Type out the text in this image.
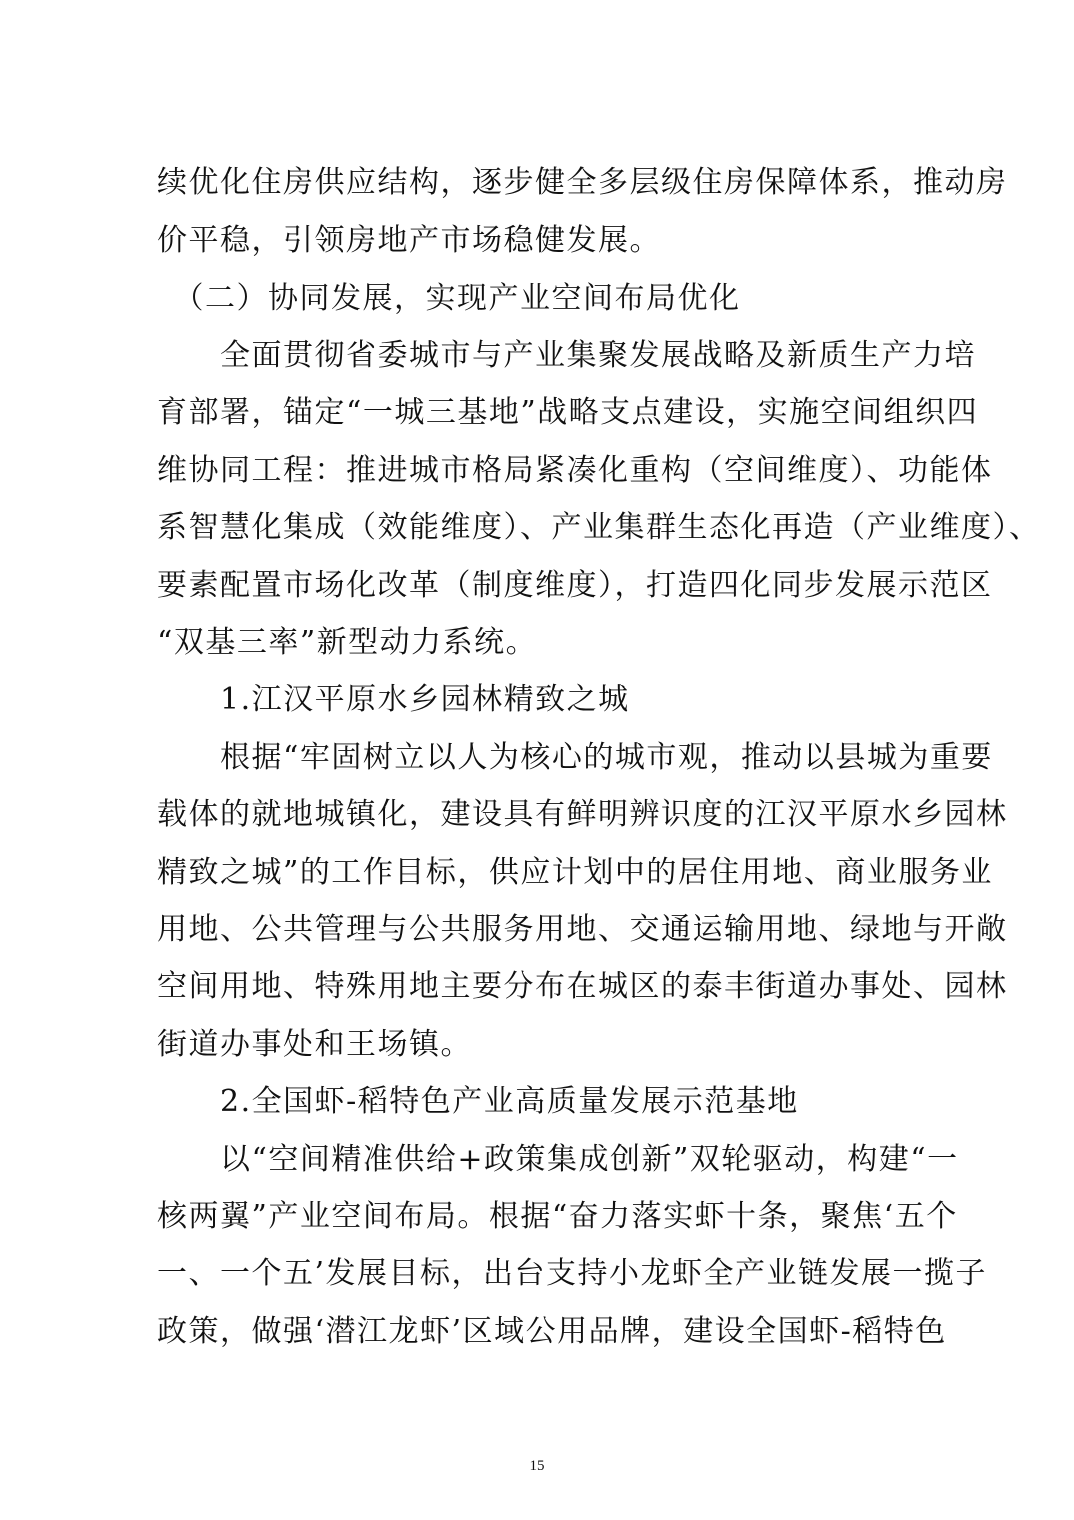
续优化住房供应结构，逐步健全多层级住房保障体系，推动房
价平稳，引领房地产市场稳健发展。
　（二）协同发展，实现产业空间布局优化
　　全面贯彻省委城市与产业集聚发展战略及新质生产力培
育部署，锚定“一城三基地”战略支点建设，实施空间组织四
维协同工程：推进城市格局紧凑化重构（空间维度）、功能体
系智慧化集成（效能维度）、产业集群生态化再造（产业维度）、
要素配置市场化改革（制度维度），打造四化同步发展示范区
“双基三率”新型动力系统。
　　1.江汉平原水乡园林精致之城
　　根据“牢固树立以人为核心的城市观，推动以县城为重要
载体的就地城镇化，建设具有鲜明辨识度的江汉平原水乡园林
精致之城”的工作目标，供应计划中的居住用地、商业服务业
用地、公共管理与公共服务用地、交通运输用地、绿地与开敞
空间用地、特殊用地主要分布在城区的泰丰街道办事处、园林
街道办事处和王场镇。
　　2.全国虾-稻特色产业高质量发展示范基地
　　以“空间精准供给+政策集成创新”双轮驱动，构建“一
核两翼”产业空间布局。根据“奋力落实虾十条，聚焦‘五个
一、一个五’发展目标，出台支持小龙虾全产业链发展一揽子
政策，做强‘潜江龙虾’区域公用品牌，建设全国虾-稻特色
15
